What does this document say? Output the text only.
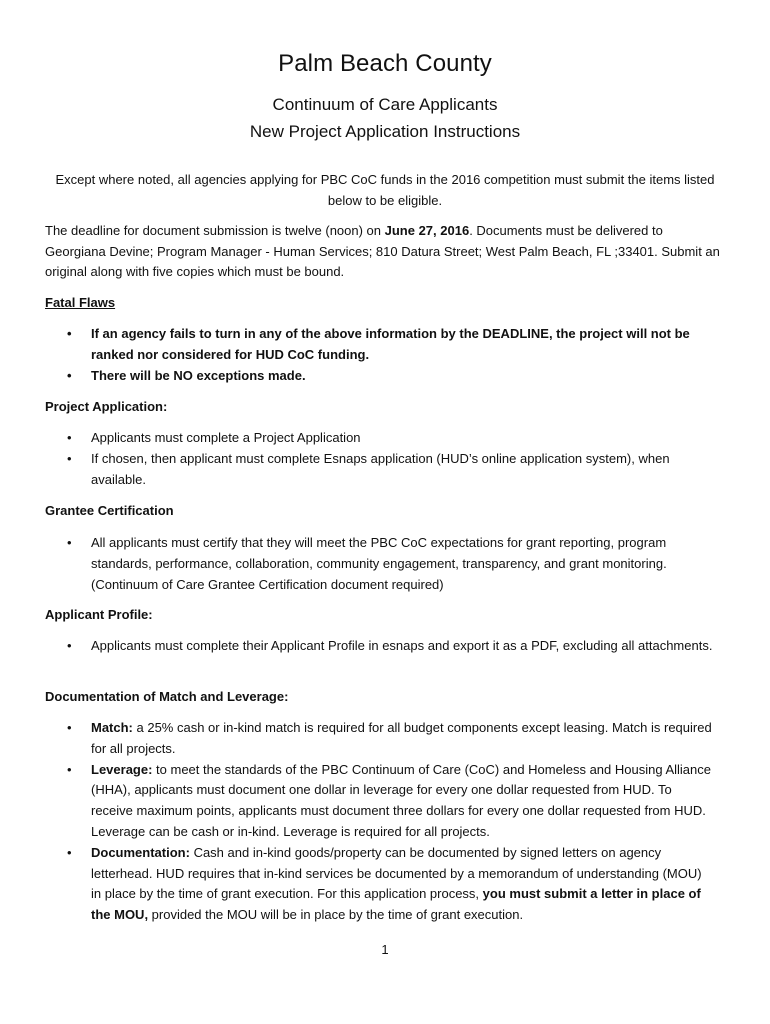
Palm Beach County
Continuum of Care Applicants
New Project Application Instructions
Except where noted, all agencies applying for PBC CoC funds in the 2016 competition must submit the items listed below to be eligible.
The deadline for document submission is twelve (noon) on June 27, 2016. Documents must be delivered to Georgiana Devine; Program Manager - Human Services; 810 Datura Street; West Palm Beach, FL ;33401. Submit an original along with five copies which must be bound.
Fatal Flaws
• If an agency fails to turn in any of the above information by the DEADLINE, the project will not be ranked nor considered for HUD CoC funding.
• There will be NO exceptions made.
Project Application:
• Applicants must complete a Project Application
• If chosen, then applicant must complete Esnaps application (HUD’s online application system), when available.
Grantee Certification
• All applicants must certify that they will meet the PBC CoC expectations for grant reporting, program standards, performance, collaboration, community engagement, transparency, and grant monitoring. (Continuum of Care Grantee Certification document required)
Applicant Profile:
• Applicants must complete their Applicant Profile in esnaps and export it as a PDF, excluding all attachments.
Documentation of Match and Leverage:
• Match: a 25% cash or in-kind match is required for all budget components except leasing. Match is required for all projects.
• Leverage: to meet the standards of the PBC Continuum of Care (CoC) and Homeless and Housing Alliance (HHA), applicants must document one dollar in leverage for every one dollar requested from HUD. To receive maximum points, applicants must document three dollars for every one dollar requested from HUD. Leverage can be cash or in-kind. Leverage is required for all projects.
• Documentation: Cash and in-kind goods/property can be documented by signed letters on agency letterhead. HUD requires that in-kind services be documented by a memorandum of understanding (MOU) in place by the time of grant execution. For this application process, you must submit a letter in place of the MOU, provided the MOU will be in place by the time of grant execution.
1
